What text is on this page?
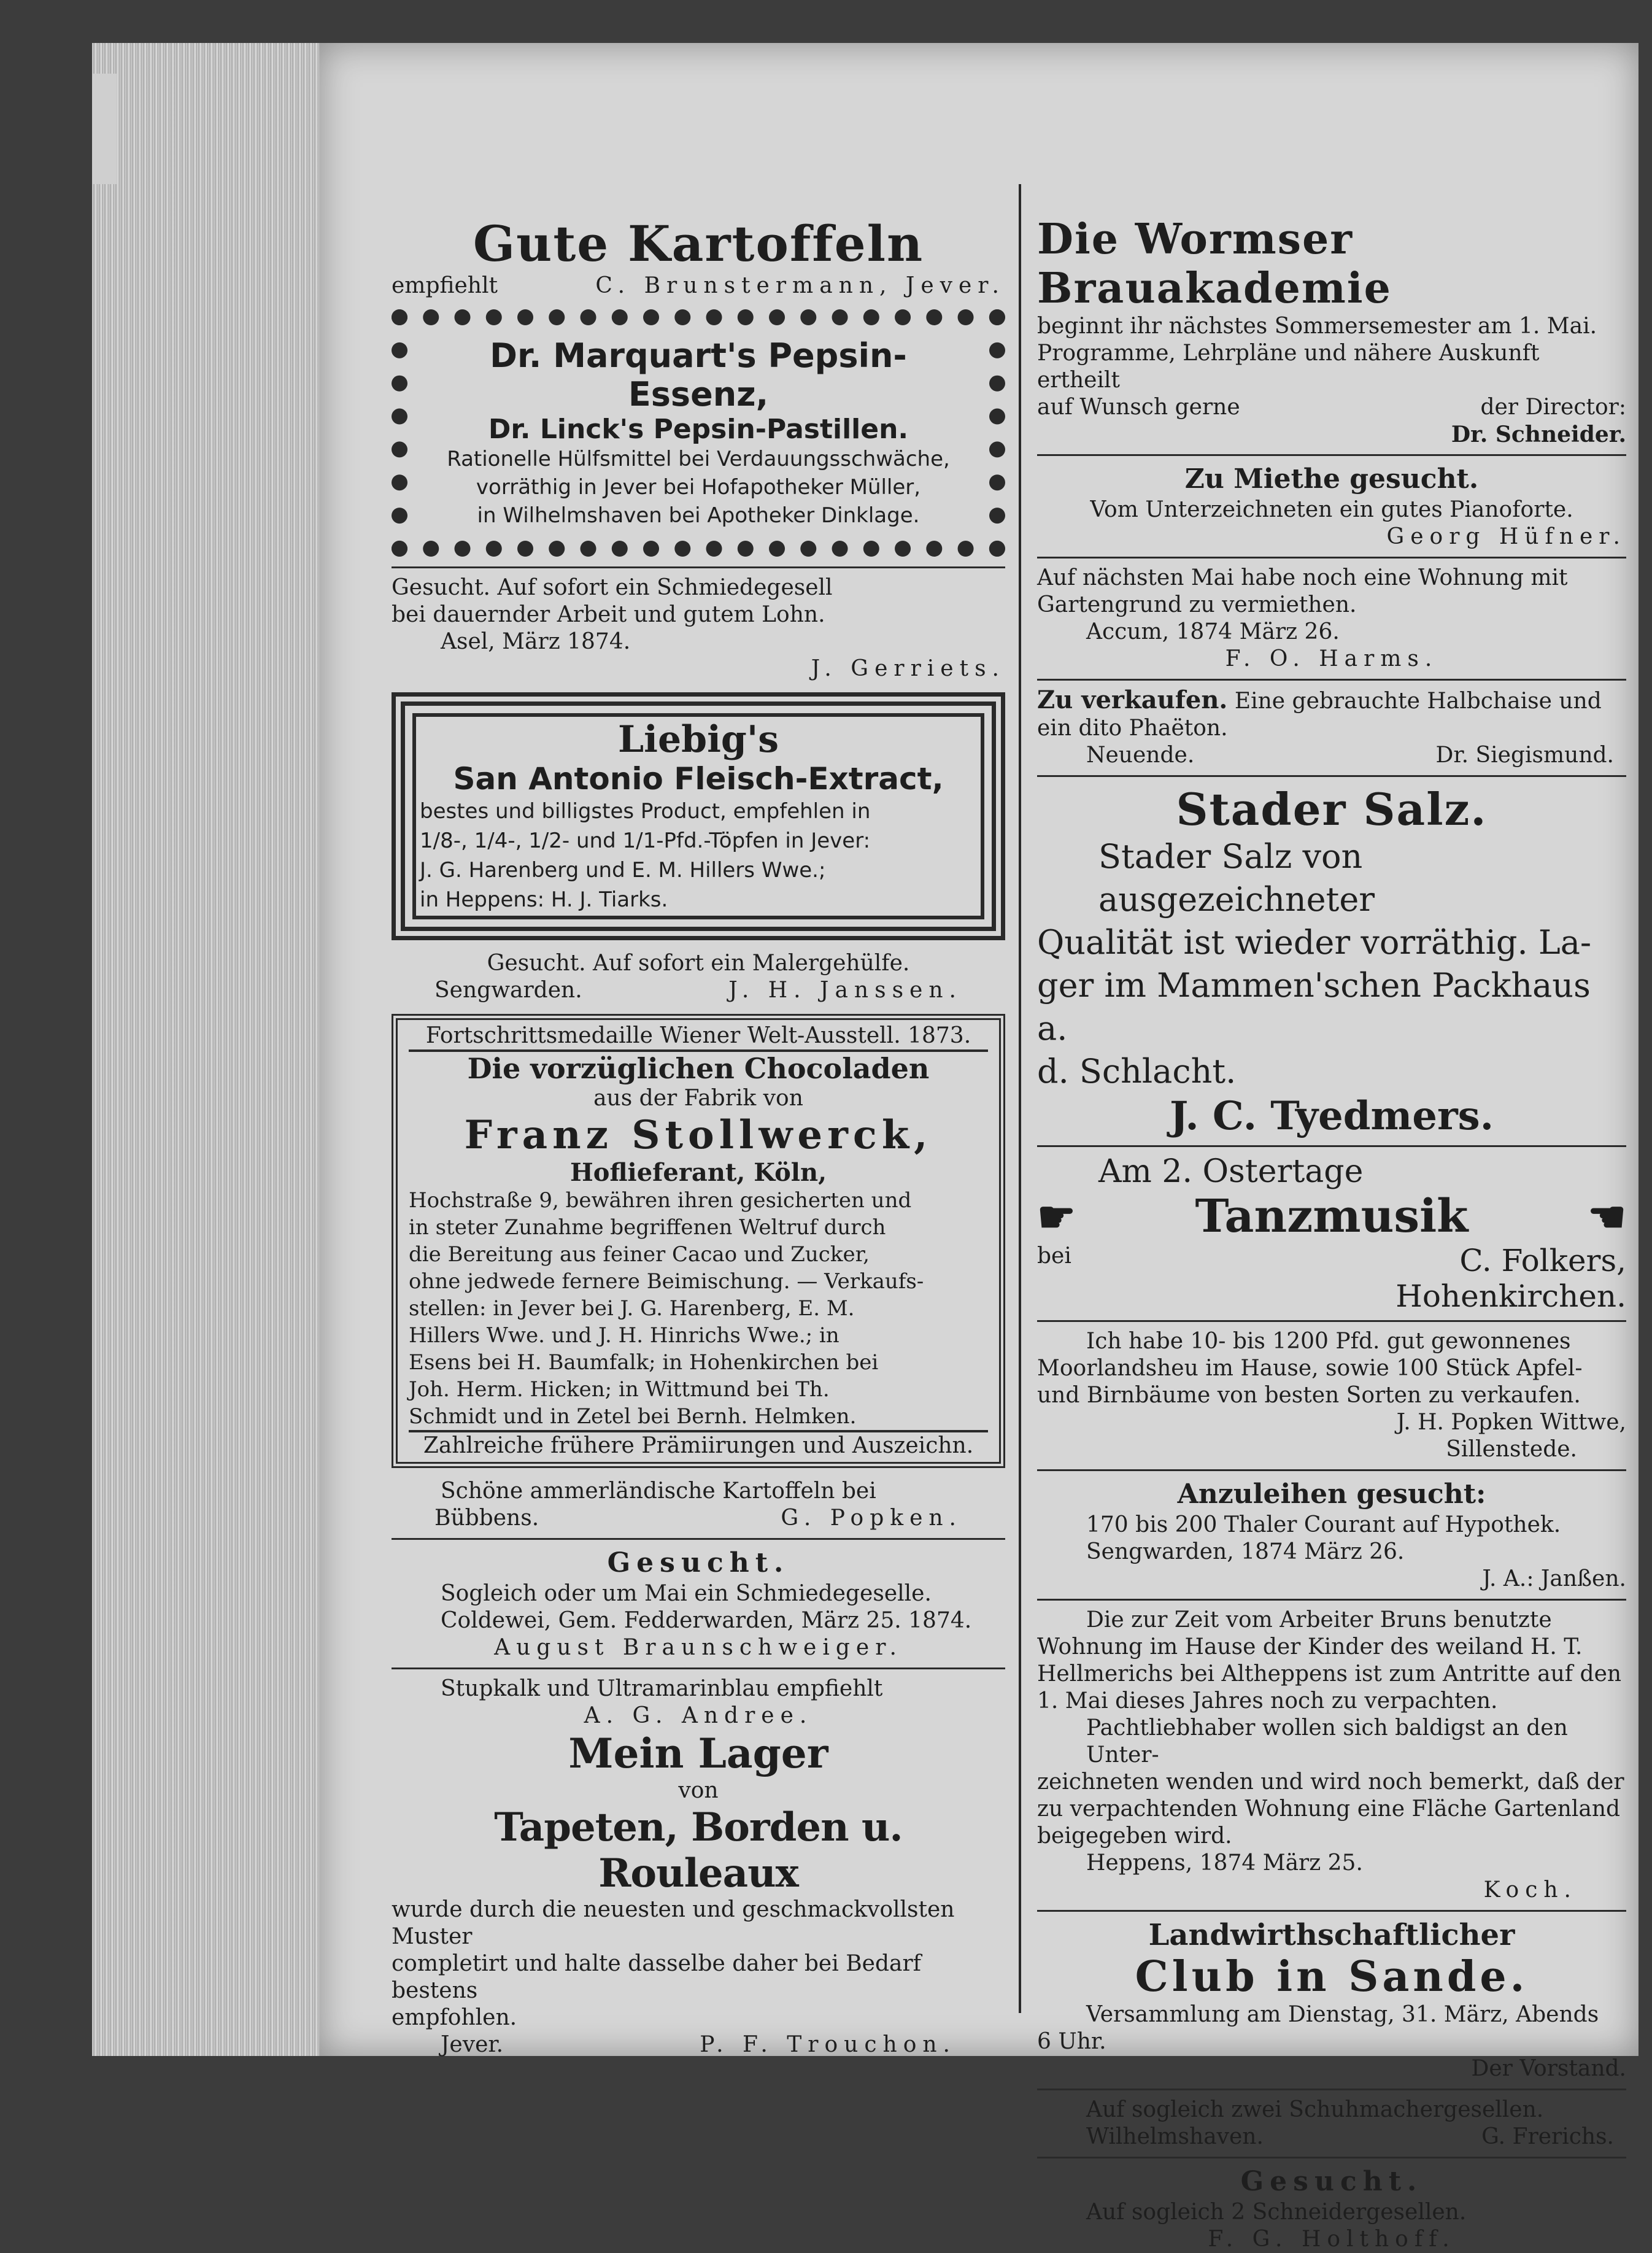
Gute Kartoffeln
empfiehlt	C. Brunstermann, Jever.
Dr. Marquart's Pepsin-Essenz,
Dr. Linck's Pepsin-Pastillen.
Rationelle Hülfsmittel bei Verdauungsschwäche,
vorräthig in Jever bei Hofapotheker Müller,
in Wilhelmshaven bei Apotheker Dinklage.
Gesucht. Auf sofort ein Schmiedegesell
bei dauernder Arbeit und gutem Lohn.
Asel, März 1874.
J. Gerriets.
Liebig's
San Antonio Fleisch-Extract,
bestes und billigstes Product, empfehlen in
1/8-, 1/4-, 1/2- und 1/1-Pfd.-Töpfen in Jever:
J. G. Harenberg und E. M. Hillers Wwe.;
in Heppens: H. J. Tiarks.
Gesucht. Auf sofort ein Malergehülfe.
Sengwarden.	J. H. Janssen.
Fortschrittsmedaille Wiener Welt-Ausstell. 1873.
Die vorzüglichen Chocoladen
aus der Fabrik von
Franz Stollwerck,
Hoflieferant, Köln,
Hochstraße 9, bewähren ihren gesicherten und
in steter Zunahme begriffenen Weltruf durch
die Bereitung aus feiner Cacao und Zucker,
ohne jedwede fernere Beimischung. — Verkaufs-
stellen: in Jever bei J. G. Harenberg, E. M.
Hillers Wwe. und J. H. Hinrichs Wwe.; in
Esens bei H. Baumfalk; in Hohenkirchen bei
Joh. Herm. Hicken; in Wittmund bei Th.
Schmidt und in Zetel bei Bernh. Helmken.
Zahlreiche frühere Prämiirungen und Auszeichn.
Schöne ammerländische Kartoffeln bei
Bübbens.	G. Popken.
Gesucht.
Sogleich oder um Mai ein Schmiedegeselle.
Coldewei, Gem. Fedderwarden, März 25. 1874.
August Braunschweiger.
Stupkalk und Ultramarinblau empfiehlt
A. G. Andree.
Mein Lager
von
Tapeten, Borden u. Rouleaux
wurde durch die neuesten und geschmackvollsten Muster
completirt und halte dasselbe daher bei Bedarf bestens
empfohlen.
Jever.	P. F. Trouchon.
Die Wormser Brauakademie
beginnt ihr nächstes Sommersemester am 1. Mai.
Programme, Lehrpläne und nähere Auskunft ertheilt
auf Wunsch gerne	der Director:
Dr. Schneider.
Zu Miethe gesucht.
Vom Unterzeichneten ein gutes Pianoforte.
Georg Hüfner.
Auf nächsten Mai habe noch eine Wohnung mit
Gartengrund zu vermiethen.
Accum, 1874 März 26.
F. O. Harms.
Zu verkaufen. Eine gebrauchte Halbchaise und
ein dito Phaëton.
Neuende.	Dr. Siegismund.
Stader Salz.
Stader Salz von ausgezeichneter
Qualität ist wieder vorräthig. La-
ger im Mammen'schen Packhaus a.
d. Schlacht.
J. C. Tyedmers.
Am 2. Ostertage
☛	Tanzmusik	☚
bei	C. Folkers,
Hohenkirchen.
Ich habe 10- bis 1200 Pfd. gut gewonnenes
Moorlandsheu im Hause, sowie 100 Stück Apfel-
und Birnbäume von besten Sorten zu verkaufen.
J. H. Popken Wittwe,
Sillenstede.
Anzuleihen gesucht:
170 bis 200 Thaler Courant auf Hypothek.
Sengwarden, 1874 März 26.
J. A.: Janßen.
Die zur Zeit vom Arbeiter Bruns benutzte
Wohnung im Hause der Kinder des weiland H. T.
Hellmerichs bei Altheppens ist zum Antritte auf den
1. Mai dieses Jahres noch zu verpachten.
Pachtliebhaber wollen sich baldigst an den Unter-
zeichneten wenden und wird noch bemerkt, daß der
zu verpachtenden Wohnung eine Fläche Gartenland
beigegeben wird.
Heppens, 1874 März 25.
Koch.
Landwirthschaftlicher
Club in Sande.
Versammlung am Dienstag, 31. März, Abends
6 Uhr.
Der Vorstand.
Auf sogleich zwei Schuhmachergesellen.
Wilhelmshaven.	G. Frerichs.
Gesucht.
Auf sogleich 2 Schneidergesellen.
F. G. Holthoff.
